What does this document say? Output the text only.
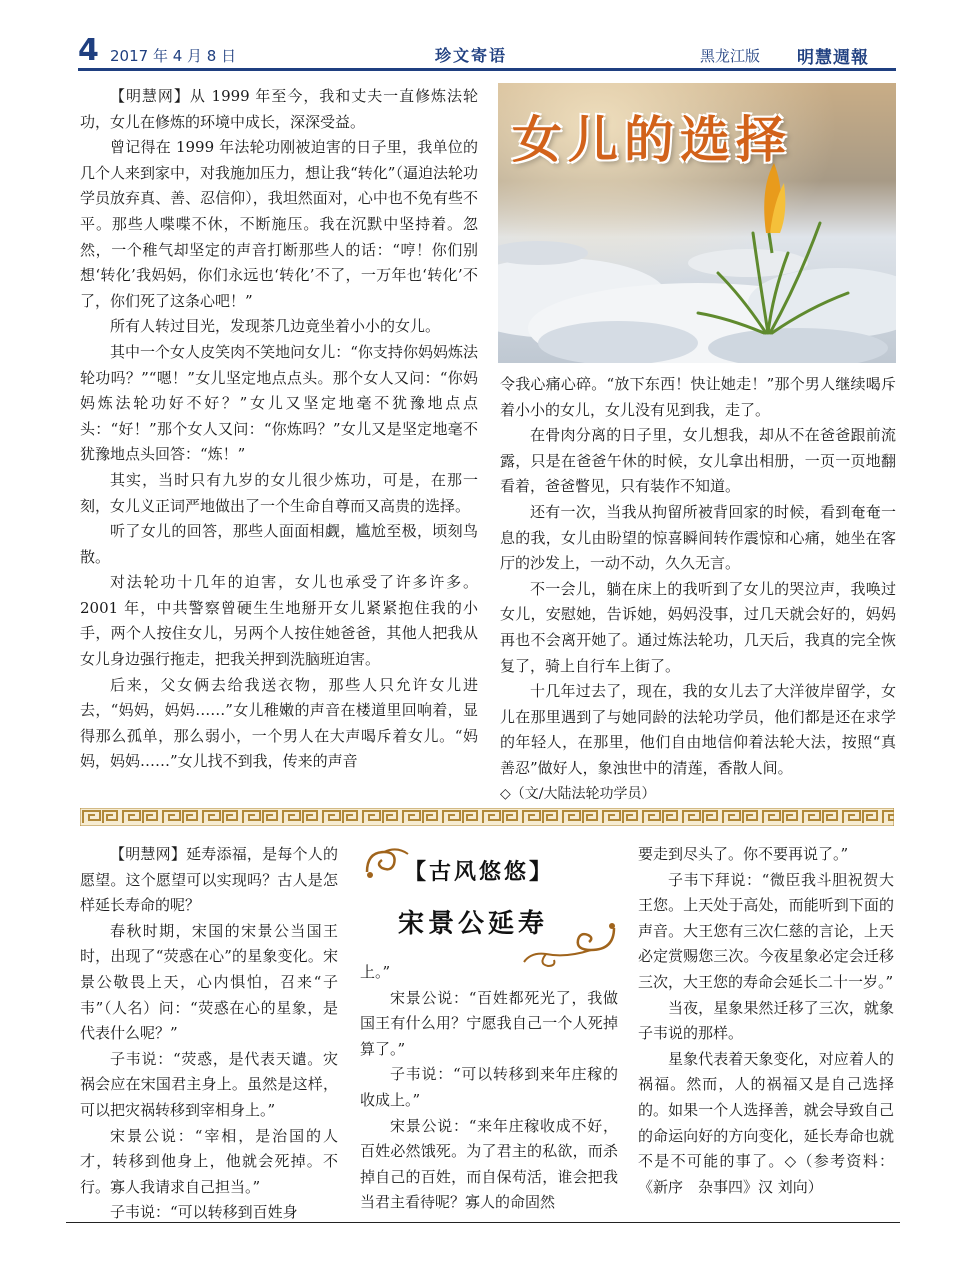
4 2017 年 4 月 8 日	珍文寄语	黑龙江版 明慧週報

【明慧网】从 1999 年至今，我和丈夫一直修炼法轮功，女儿在修炼的环境中成长，深深受益。

曾记得在 1999 年法轮功刚被迫害的日子里，我单位的几个人来到家中，对我施加压力，想让我“转化”（逼迫法轮功学员放弃真、善、忍信仰），我坦然面对，心中也不免有些不平。那些人喋喋不休，不断施压。我在沉默中坚持着。忽然，一个稚气却坚定的声音打断那些人的话：“哼！你们别想‘转化’我妈妈，你们永远也‘转化’不了，一万年也‘转化’不了，你们死了这条心吧！”

所有人转过目光，发现茶几边竟坐着小小的女儿。

其中一个女人皮笑肉不笑地问女儿：“你支持你妈妈炼法轮功吗？”“嗯！”女儿坚定地点点头。那个女人又问：“你妈妈炼法轮功好不好？”女儿又坚定地毫不犹豫地点点头：“好！”那个女人又问：“你炼吗？”女儿又是坚定地毫不犹豫地点头回答：“炼！”

其实，当时只有九岁的女儿很少炼功，可是，在那一刻，女儿义正词严地做出了一个生命自尊而又高贵的选择。

听了女儿的回答，那些人面面相觑，尴尬至极，顷刻鸟散。

对法轮功十几年的迫害，女儿也承受了许多许多。2001 年，中共警察曾硬生生地掰开女儿紧紧抱住我的小手，两个人按住女儿，另两个人按住她爸爸，其他人把我从女儿身边强行拖走，把我关押到洗脑班迫害。

后来，父女俩去给我送衣物，那些人只允许女儿进去，“妈妈，妈妈……”女儿稚嫩的声音在楼道里回响着，显得那么孤单，那么弱小，一个男人在大声喝斥着女儿。“妈妈，妈妈……”女儿找不到我，传来的声音

女儿的选择

令我心痛心碎。“放下东西！快让她走！”那个男人继续喝斥着小小的女儿，女儿没有见到我，走了。

在骨肉分离的日子里，女儿想我，却从不在爸爸跟前流露，只是在爸爸午休的时候，女儿拿出相册，一页一页地翻看着，爸爸瞥见，只有装作不知道。

还有一次，当我从拘留所被背回家的时候，看到奄奄一息的我，女儿由盼望的惊喜瞬间转作震惊和心痛，她坐在客厅的沙发上，一动不动，久久无言。

不一会儿，躺在床上的我听到了女儿的哭泣声，我唤过女儿，安慰她，告诉她，妈妈没事，过几天就会好的，妈妈再也不会离开她了。通过炼法轮功，几天后，我真的完全恢复了，骑上自行车上街了。

十几年过去了，现在，我的女儿去了大洋彼岸留学，女儿在那里遇到了与她同龄的法轮功学员，他们都是还在求学的年轻人，在那里，他们自由地信仰着法轮大法，按照“真善忍”做好人，象浊世中的清莲，香散人间。

◇（文/大陆法轮功学员）

【明慧网】延寿添福，是每个人的愿望。这个愿望可以实现吗？古人是怎样延长寿命的呢？

春秋时期，宋国的宋景公当国王时，出现了“荧惑在心”的星象变化。宋景公敬畏上天，心内惧怕，召来“子韦”（人名）问：“荧惑在心的星象，是代表什么呢？”

子韦说：“荧惑，是代表天谴。灾祸会应在宋国君主身上。虽然是这样，可以把灾祸转移到宰相身上。”

宋景公说：“宰相，是治国的人才，转移到他身上，他就会死掉。不行。寡人我请求自己担当。”

子韦说：“可以转移到百姓身

【古风悠悠】
宋景公延寿

上。”

宋景公说：“百姓都死光了，我做国王有什么用？宁愿我自己一个人死掉算了。”

子韦说：“可以转移到来年庄稼的收成上。”

宋景公说：“来年庄稼收成不好，百姓必然饿死。为了君主的私欲，而杀掉自己的百姓，而自保苟活，谁会把我当君主看待呢？寡人的命固然

要走到尽头了。你不要再说了。”

子韦下拜说：“微臣我斗胆祝贺大王您。上天处于高处，而能听到下面的声音。大王您有三次仁慈的言论，上天必定赏赐您三次。今夜星象必定会迁移三次，大王您的寿命会延长二十一岁。”

当夜，星象果然迁移了三次，就象子韦说的那样。

星象代表着天象变化，对应着人的祸福。然而，人的祸福又是自己选择的。如果一个人选择善，就会导致自己的命运向好的方向变化，延长寿命也就不是不可能的事了。◇（参考资料：《新序　杂事四》汉 刘向）
